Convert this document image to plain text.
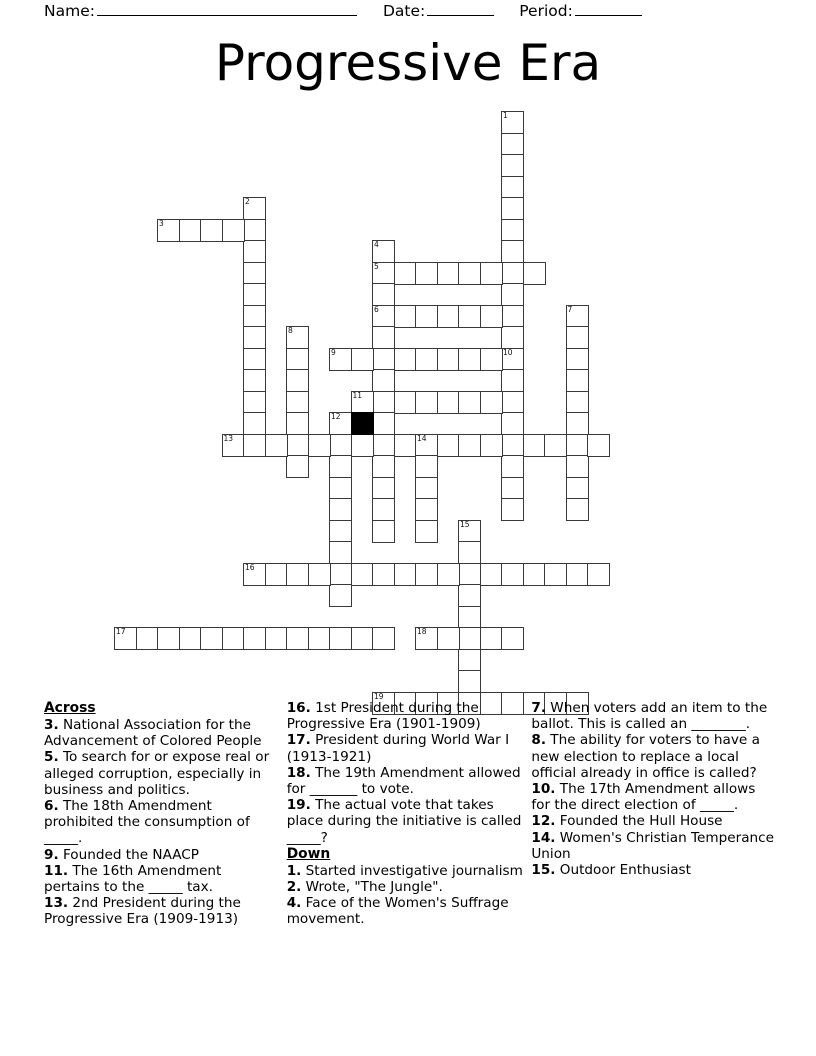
Name:	Date:	Period:
Progressive Era
1
10
2
3
4
5
6	7
8
9
11
12
13	14
15
16
17	18
19
Across
3. National Association for the Advancement of Colored People
5. To search for or expose real or alleged corruption, especially in business and politics.
6. The 18th Amendment prohibited the consumption of _____.
9. Founded the NAACP
11. The 16th Amendment pertains to the _____ tax.
13. 2nd President during the Progressive Era (1909-1913)
16. 1st President during the Progressive Era (1901-1909)
17. President during World War I (1913-1921)
18. The 19th Amendment allowed for _______ to vote.
19. The actual vote that takes place during the initiative is called _____?
Down
1. Started investigative journalism
2. Wrote, "The Jungle".
4. Face of the Women's Suffrage movement.
7. When voters add an item to the ballot. This is called an ________.
8. The ability for voters to have a new election to replace a local official already in office is called?
10. The 17th Amendment allows for the direct election of _____.
12. Founded the Hull House
14. Women's Christian Temperance Union
15. Outdoor Enthusiast
